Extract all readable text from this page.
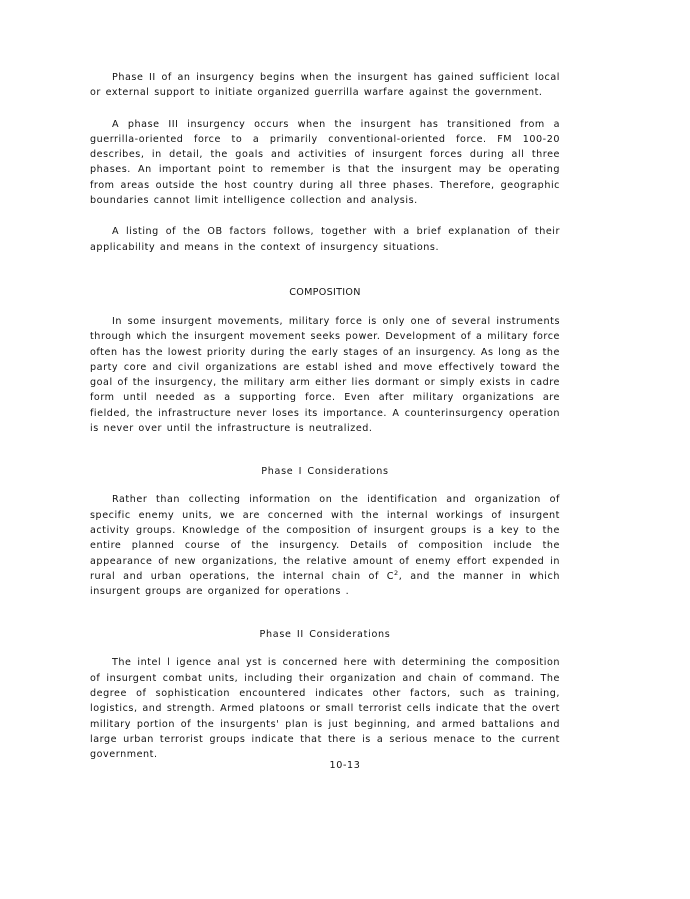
Phase II of an insurgency begins when the insurgent has gained sufficient local or external support to initiate organized guerrilla warfare against the government.

A phase III insurgency occurs when the insurgent has transitioned from a guerrilla-oriented force to a primarily conventional-oriented force. FM 100-20 describes, in detail, the goals and activities of insurgent forces during all three phases. An important point to remember is that the insurgent may be operating from areas outside the host country during all three phases. Therefore, geographic boundaries cannot limit intelligence collection and analysis.

A listing of the OB factors follows, together with a brief explanation of their applicability and means in the context of insurgency situations.

COMPOSITION

In some insurgent movements, military force is only one of several instruments through which the insurgent movement seeks power. Development of a military force often has the lowest priority during the early stages of an insurgency. As long as the party core and civil organizations are establ ished and move effectively toward the goal of the insurgency, the military arm either lies dormant or simply exists in cadre form until needed as a supporting force. Even after military organizations are fielded, the infrastructure never loses its importance. A counterinsurgency operation is never over until the infrastructure is neutralized.

Phase I Considerations

Rather than collecting information on the identification and organization of specific enemy units, we are concerned with the internal workings of insurgent activity groups. Knowledge of the composition of insurgent groups is a key to the entire planned course of the insurgency. Details of composition include the appearance of new organizations, the relative amount of enemy effort expended in rural and urban operations, the internal chain of $C^2$, and the manner in which insurgent groups are organized for operations .

Phase II Considerations

The intel l igence anal yst is concerned here with determining the composition of insurgent combat units, including their organization and chain of command. The degree of sophistication encountered indicates other factors, such as training, logistics, and strength. Armed platoons or small terrorist cells indicate that the overt military portion of the insurgents' plan is just beginning, and armed battalions and large urban terrorist groups indicate that there is a serious menace to the current government.

10-13
